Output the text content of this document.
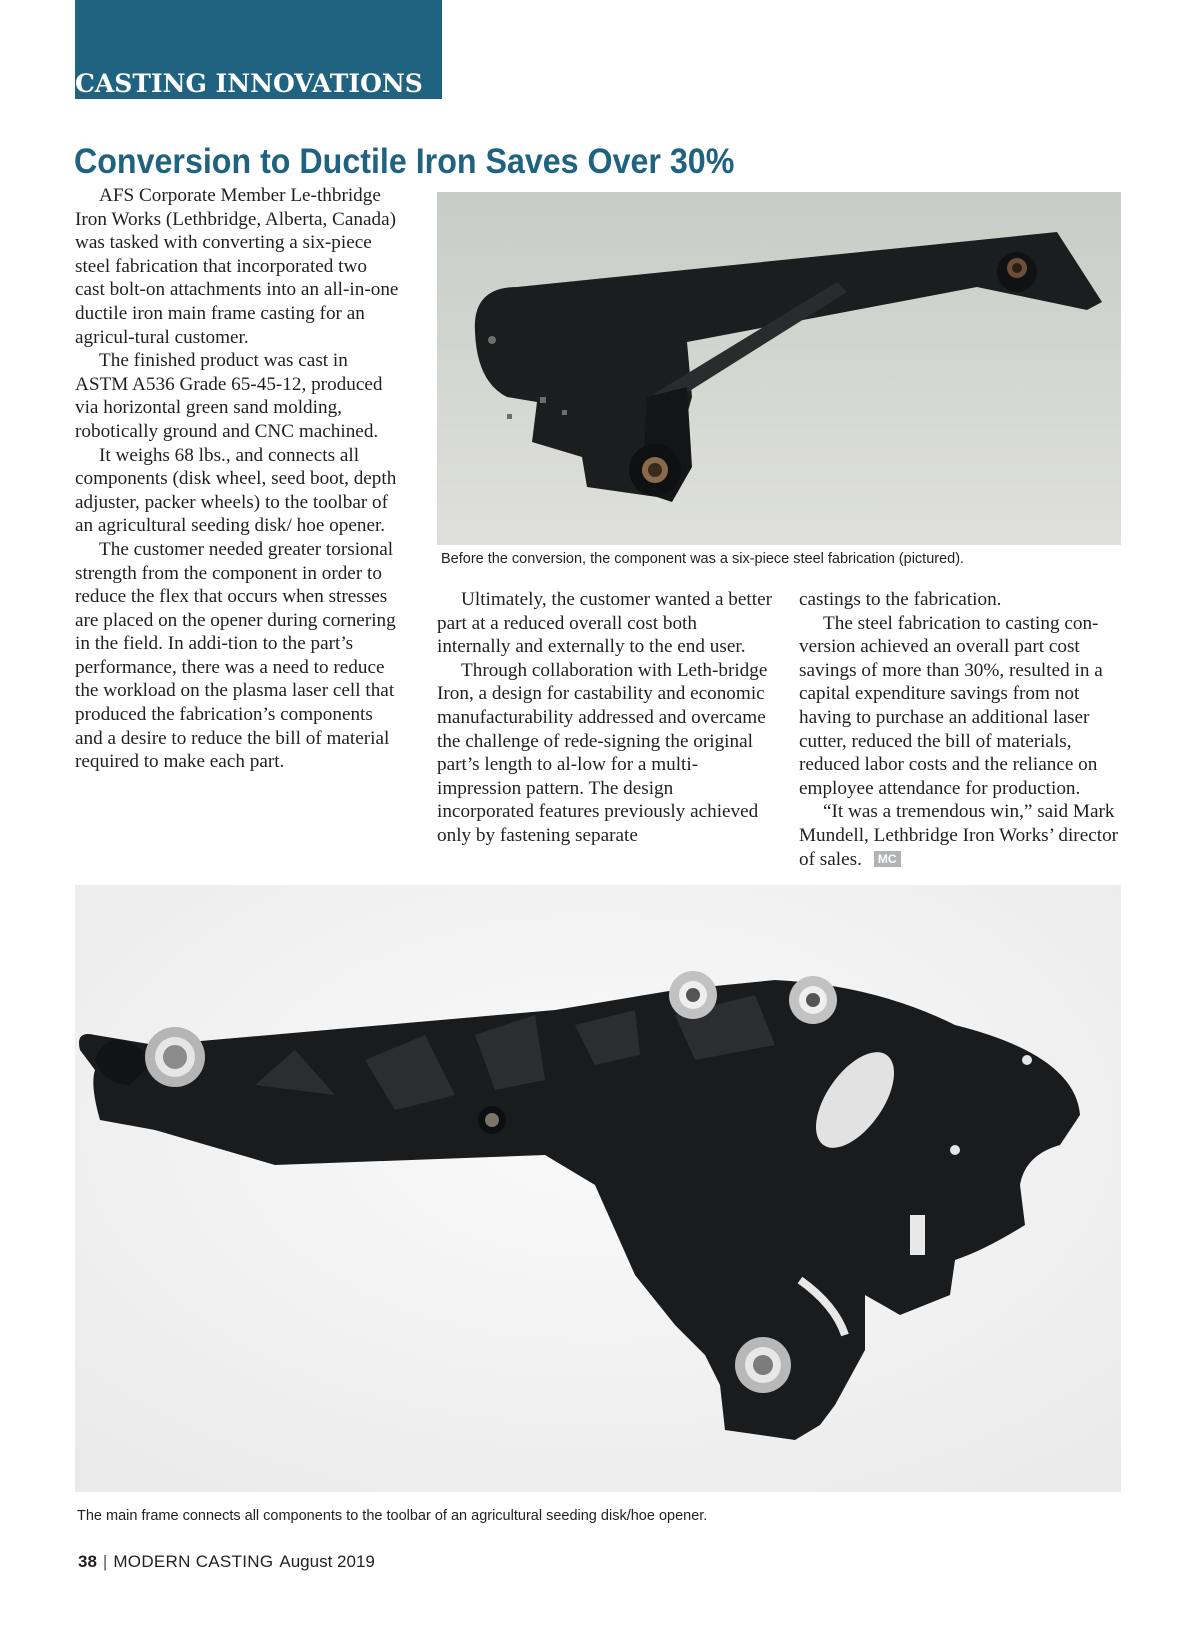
CASTING INNOVATIONS
Conversion to Ductile Iron Saves Over 30%

AFS Corporate Member Le-thbridge Iron Works (Lethbridge, Alberta, Canada) was tasked with converting a six-piece steel fabrication that incorporated two cast bolt-on attachments into an all-in-one ductile iron main frame casting for an agricul-tural customer.

The finished product was cast in ASTM A536 Grade 65-45-12, produced via horizontal green sand molding, robotically ground and CNC machined.

It weighs 68 lbs., and connects all components (disk wheel, seed boot, depth adjuster, packer wheels) to the toolbar of an agricultural seeding disk/ hoe opener.

The customer needed greater torsional strength from the component in order to reduce the flex that occurs when stresses are placed on the opener during cornering in the field. In addi-tion to the part’s performance, there was a need to reduce the workload on the plasma laser cell that produced the fabrication’s components and a desire to reduce the bill of material required to make each part.

Before the conversion, the component was a six-piece steel fabrication (pictured).

Ultimately, the customer wanted a better part at a reduced overall cost both internally and externally to the end user.

Through collaboration with Leth-bridge Iron, a design for castability and economic manufacturability addressed and overcame the challenge of rede-signing the original part’s length to al-low for a multi-impression pattern. The design incorporated features previously achieved only by fastening separate

castings to the fabrication.

The steel fabrication to casting con-version achieved an overall part cost savings of more than 30%, resulted in a capital expenditure savings from not having to purchase an additional laser cutter, reduced the bill of materials, reduced labor costs and the reliance on employee attendance for production.

“It was a tremendous win,” said Mark Mundell, Lethbridge Iron Works’ director of sales. MC

The main frame connects all components to the toolbar of an agricultural seeding disk/hoe opener.
38 | MODERN CASTING August 2019
